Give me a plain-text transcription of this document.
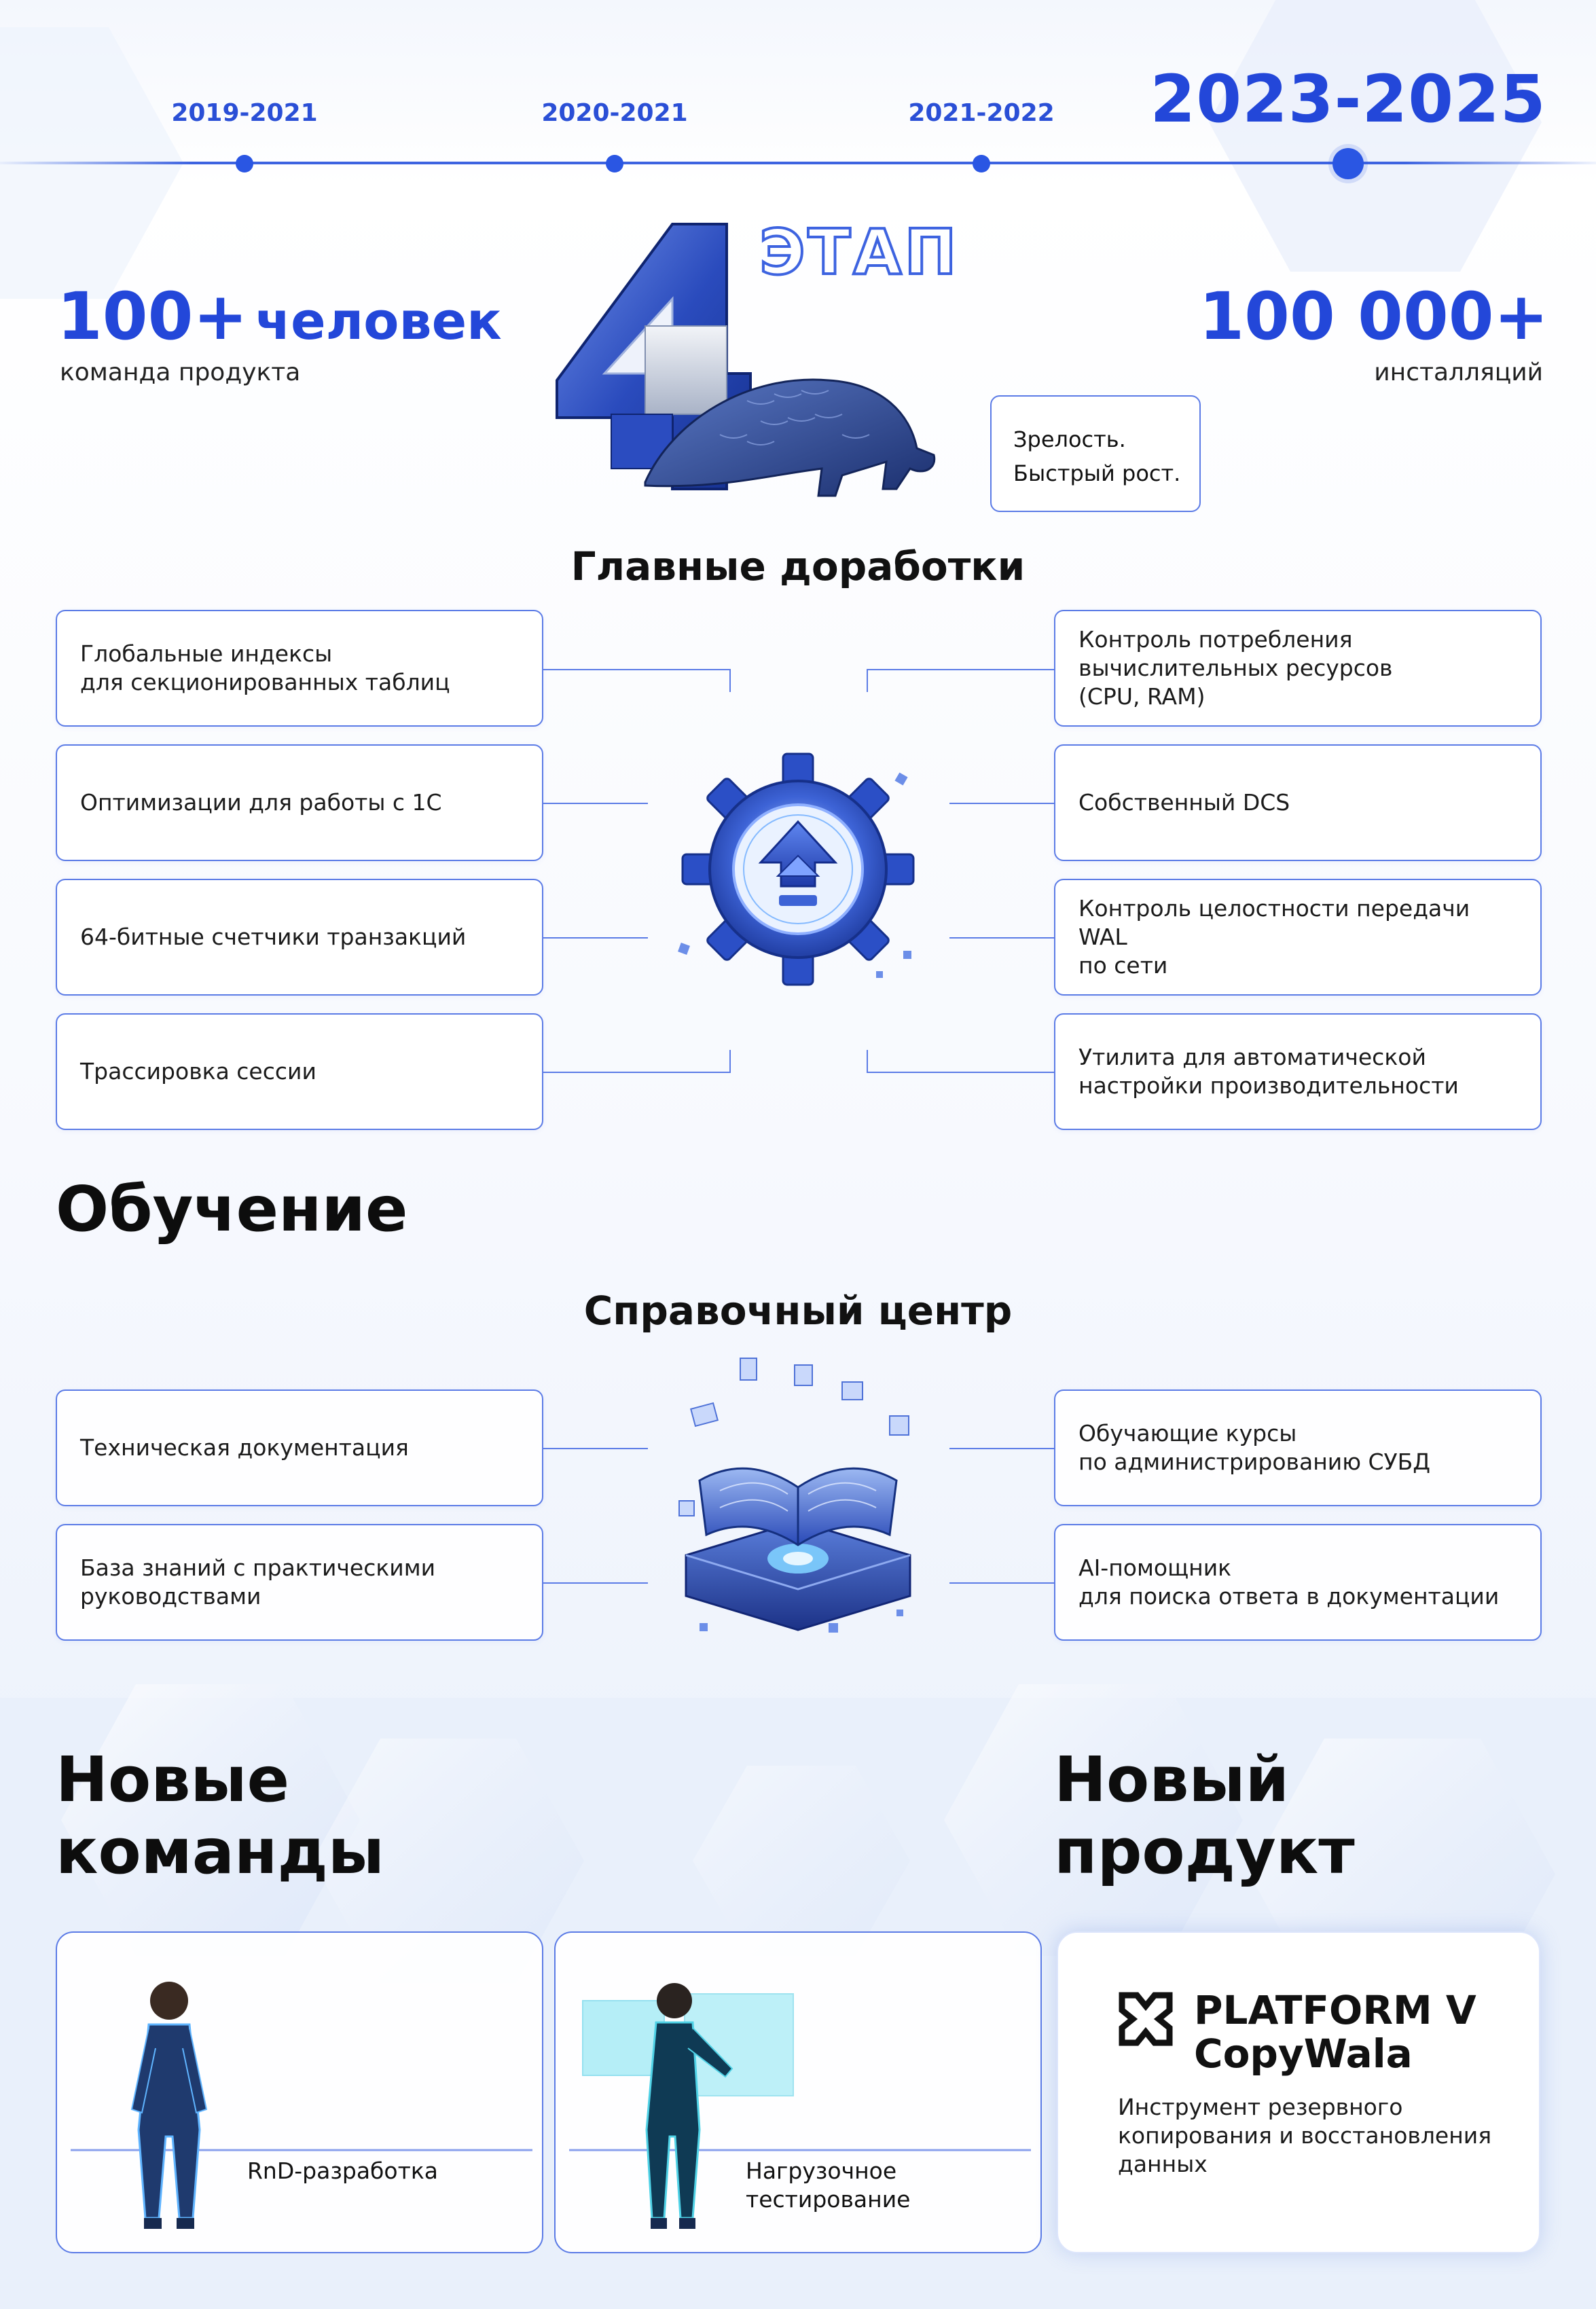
2019-2021	2020-2021	2021-2022	2023-2025
100+ человек
команда продукта
100 000+
инсталляций
ЭТАП
Зрелость.
Быстрый рост.
Главные доработки
Глобальные индексы
для секционированных таблиц
Оптимизации для работы с 1С
64-битные счетчики транзакций
Трассировка сессии
Контроль потребления
вычислительных ресурсов
(CPU, RAM)
Собственный DCS
Контроль целостности передачи WAL
по сети
Утилита для автоматической
настройки производительности
Обучение
Справочный центр
Техническая документация
База знаний с практическими
руководствами
Обучающие курсы
по администрированию СУБД
AI-помощник
для поиска ответа в документации
Новые
команды
RnD-разработка	Нагрузочное
тестирование
Новый
продукт
PLATFORM V
CopyWala
Инструмент резервного
копирования и восстановления
данных
